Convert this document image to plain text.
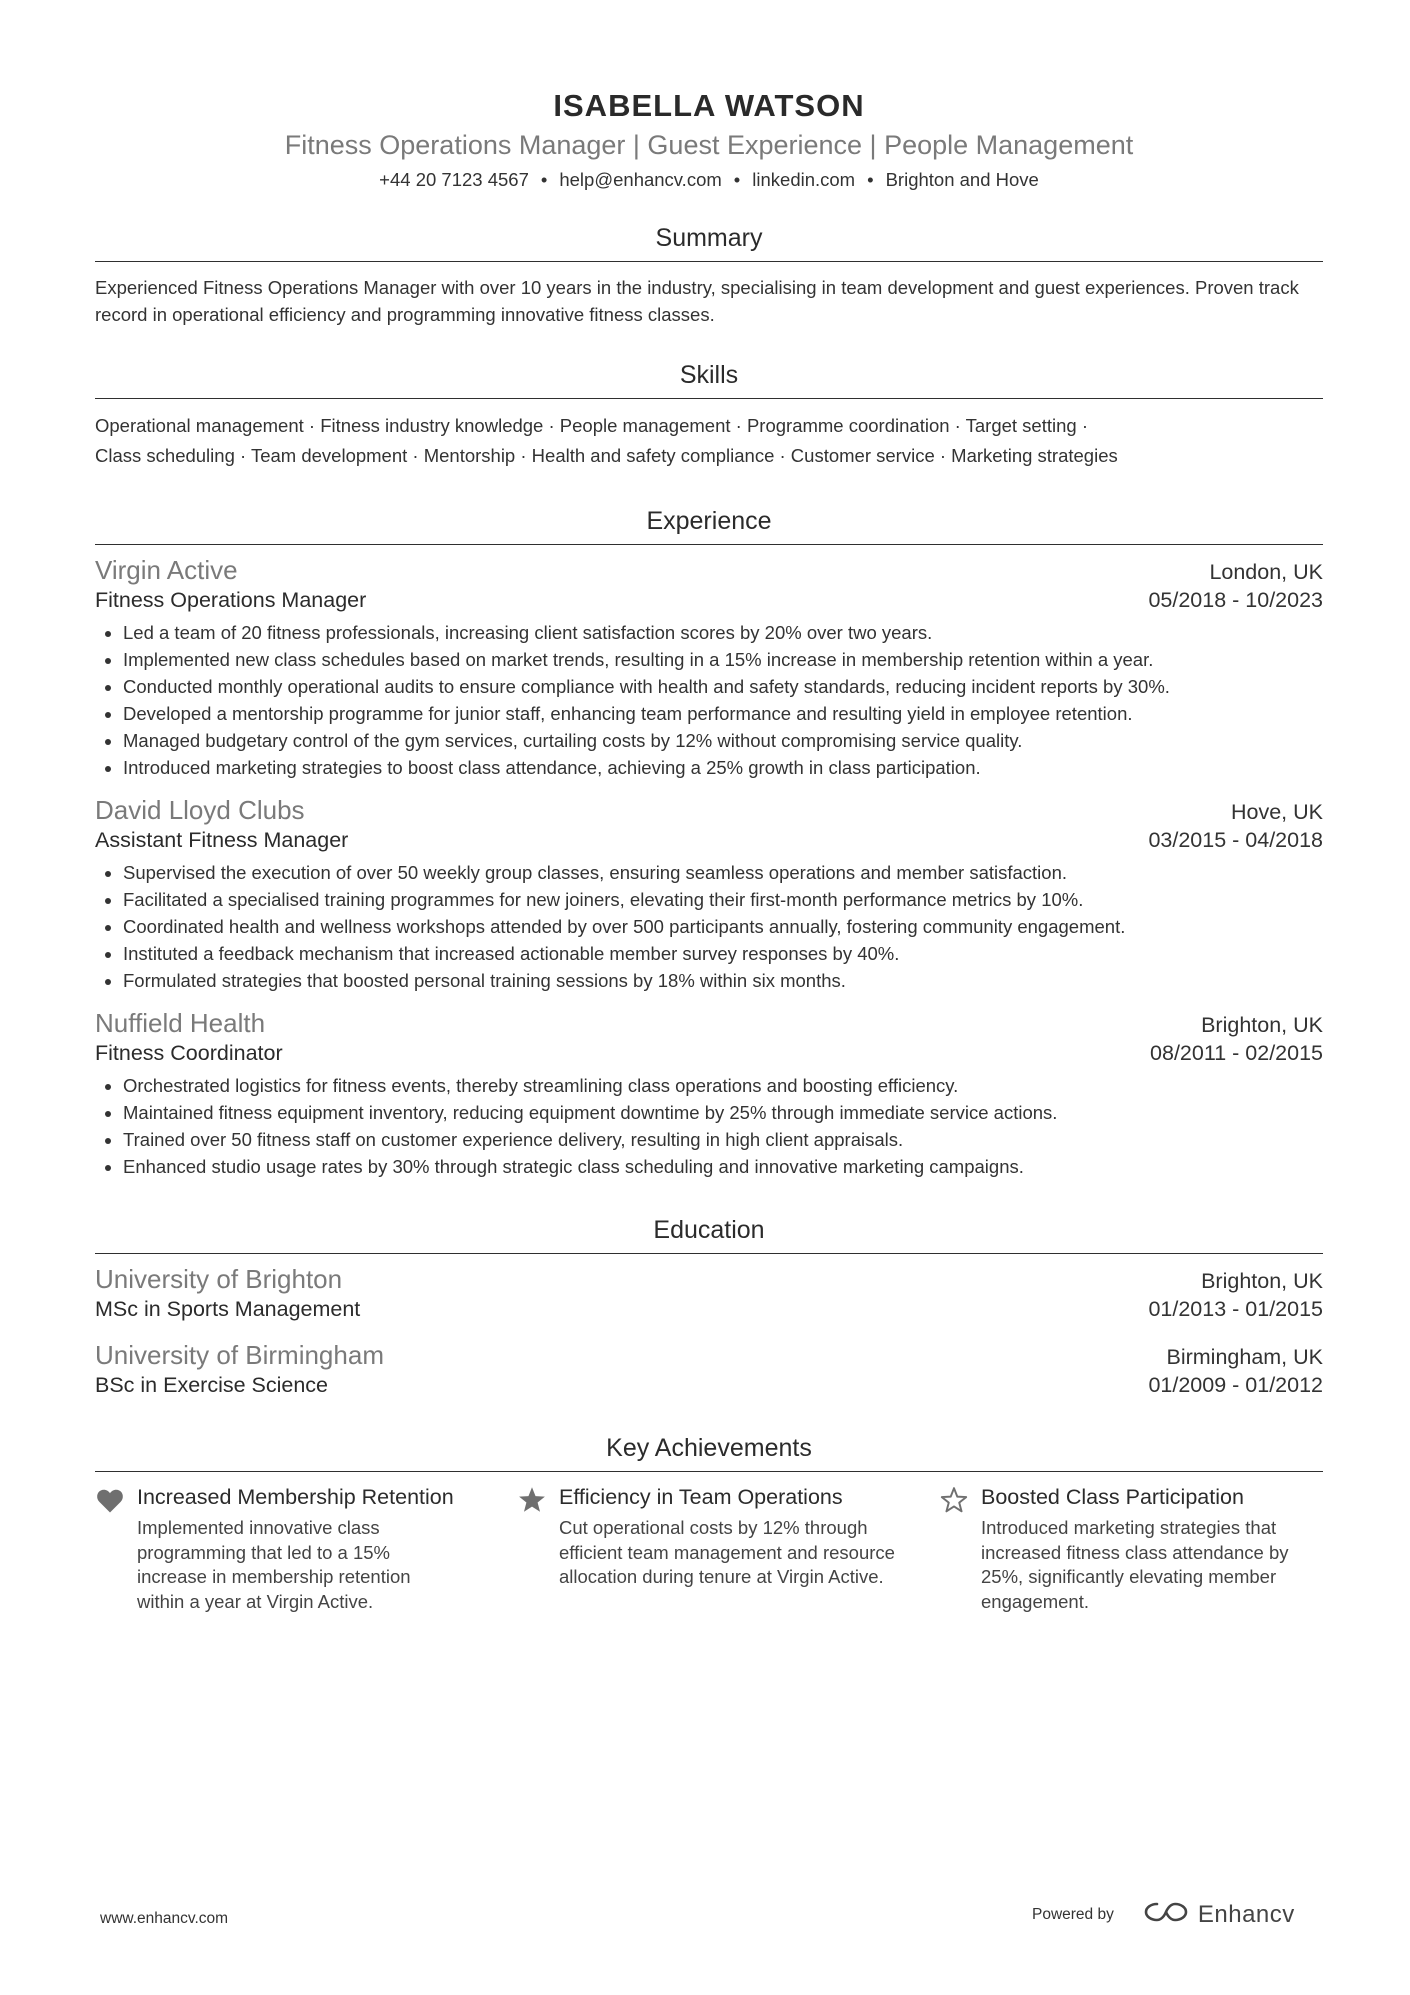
ISABELLA WATSON
Fitness Operations Manager | Guest Experience | People Management
+44 20 7123 4567 • help@enhancv.com • linkedin.com • Brighton and Hove
Summary
Experienced Fitness Operations Manager with over 10 years in the industry, specialising in team development and guest experiences. Proven track record in operational efficiency and programming innovative fitness classes.
Skills
Operational management · Fitness industry knowledge · People management · Programme coordination · Target setting ·
Class scheduling · Team development · Mentorship · Health and safety compliance · Customer service · Marketing strategies
Experience
Virgin Active	London, UK
Fitness Operations Manager	05/2018 - 10/2023
• Led a team of 20 fitness professionals, increasing client satisfaction scores by 20% over two years.
• Implemented new class schedules based on market trends, resulting in a 15% increase in membership retention within a year.
• Conducted monthly operational audits to ensure compliance with health and safety standards, reducing incident reports by 30%.
• Developed a mentorship programme for junior staff, enhancing team performance and resulting yield in employee retention.
• Managed budgetary control of the gym services, curtailing costs by 12% without compromising service quality.
• Introduced marketing strategies to boost class attendance, achieving a 25% growth in class participation.
David Lloyd Clubs	Hove, UK
Assistant Fitness Manager	03/2015 - 04/2018
• Supervised the execution of over 50 weekly group classes, ensuring seamless operations and member satisfaction.
• Facilitated a specialised training programmes for new joiners, elevating their first-month performance metrics by 10%.
• Coordinated health and wellness workshops attended by over 500 participants annually, fostering community engagement.
• Instituted a feedback mechanism that increased actionable member survey responses by 40%.
• Formulated strategies that boosted personal training sessions by 18% within six months.
Nuffield Health	Brighton, UK
Fitness Coordinator	08/2011 - 02/2015
• Orchestrated logistics for fitness events, thereby streamlining class operations and boosting efficiency.
• Maintained fitness equipment inventory, reducing equipment downtime by 25% through immediate service actions.
• Trained over 50 fitness staff on customer experience delivery, resulting in high client appraisals.
• Enhanced studio usage rates by 30% through strategic class scheduling and innovative marketing campaigns.
Education
University of Brighton	Brighton, UK
MSc in Sports Management	01/2013 - 01/2015
University of Birmingham	Birmingham, UK
BSc in Exercise Science	01/2009 - 01/2012
Key Achievements
Increased Membership Retention
Implemented innovative class programming that led to a 15% increase in membership retention within a year at Virgin Active.
Efficiency in Team Operations
Cut operational costs by 12% through efficient team management and resource allocation during tenure at Virgin Active.
Boosted Class Participation
Introduced marketing strategies that increased fitness class attendance by 25%, significantly elevating member engagement.
www.enhancv.com	Powered by	Enhancv
